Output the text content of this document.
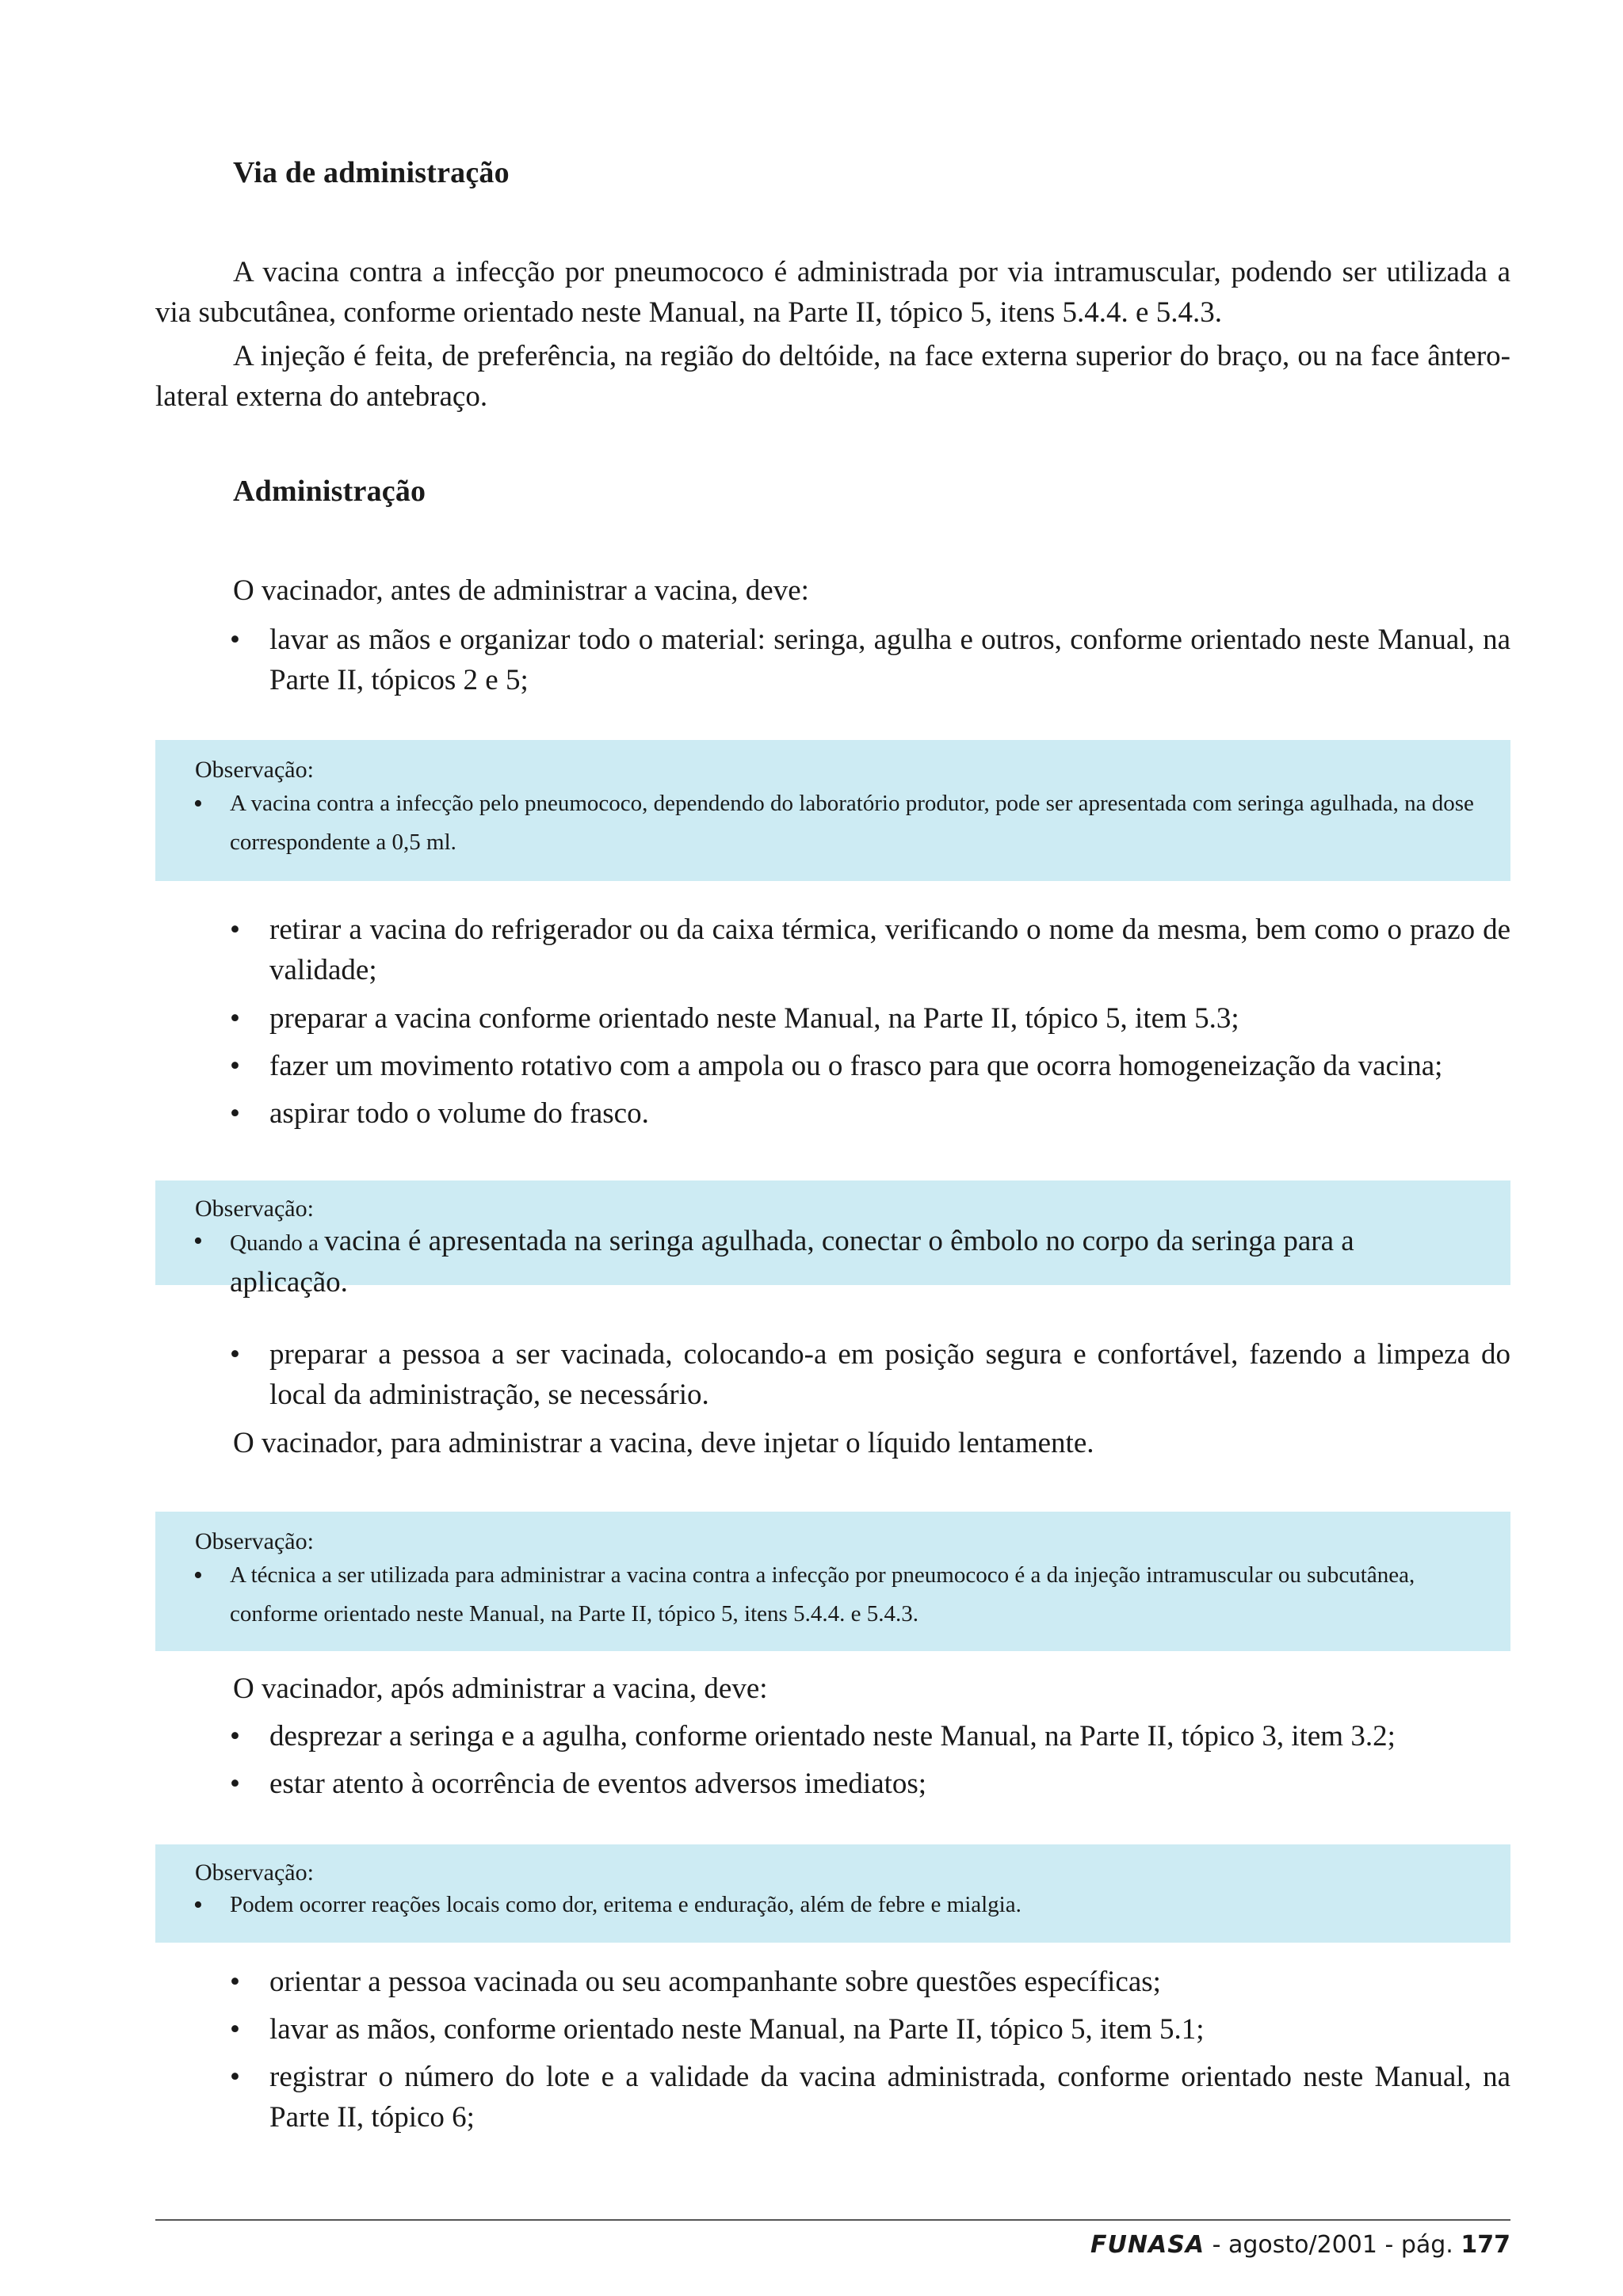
Via de administração
A vacina contra a infecção por pneumococo é administrada por via intramuscular, podendo ser utilizada a via subcutânea, conforme orientado neste Manual, na Parte II, tópico 5, itens 5.4.4. e 5.4.3.
A injeção é feita, de preferência, na região do deltóide, na face externa superior do braço, ou na face ântero-lateral externa do antebraço.
Administração
O vacinador, antes de administrar a vacina, deve:
•	lavar as mãos e organizar todo o material: seringa, agulha e outros, conforme orientado neste Manual, na Parte II, tópicos 2 e 5;
Observação:
• A vacina contra a infecção pelo pneumococo, dependendo do laboratório produtor, pode ser apresentada com seringa agulhada, na dose correspondente a 0,5 ml.
•	retirar a vacina do refrigerador ou da caixa térmica, verificando o nome da mesma, bem como o prazo de validade;
•	preparar a vacina conforme orientado neste Manual, na Parte II, tópico 5, item 5.3;
•	fazer um movimento rotativo com a ampola ou o frasco para que ocorra homogeneização da vacina;
•	aspirar todo o volume do frasco.
Observação:
• Quando a vacina é apresentada na seringa agulhada, conectar o êmbolo no corpo da seringa para a aplicação.
•	preparar a pessoa a ser vacinada, colocando-a em posição segura e confortável, fazendo a limpeza do local da administração, se necessário.
O vacinador, para administrar a vacina, deve injetar o líquido lentamente.
Observação:
• A técnica a ser utilizada para administrar a vacina contra a infecção por pneumococo é a da injeção intramuscular ou subcutânea, conforme orientado neste Manual, na Parte II, tópico 5, itens 5.4.4. e 5.4.3.
O vacinador, após administrar a vacina, deve:
•	desprezar a seringa e a agulha, conforme orientado neste Manual, na Parte II, tópico 3, item 3.2;
•	estar atento à ocorrência de eventos adversos imediatos;
Observação:
• Podem ocorrer reações locais como dor, eritema e enduração, além de febre e mialgia.
•	orientar a pessoa vacinada ou seu acompanhante sobre questões específicas;
•	lavar as mãos, conforme orientado neste Manual, na Parte II, tópico 5, item 5.1;
•	registrar o número do lote e a validade da vacina administrada, conforme orientado neste Manual, na Parte II, tópico 6;
FUNASA - agosto/2001 - pág. 177
